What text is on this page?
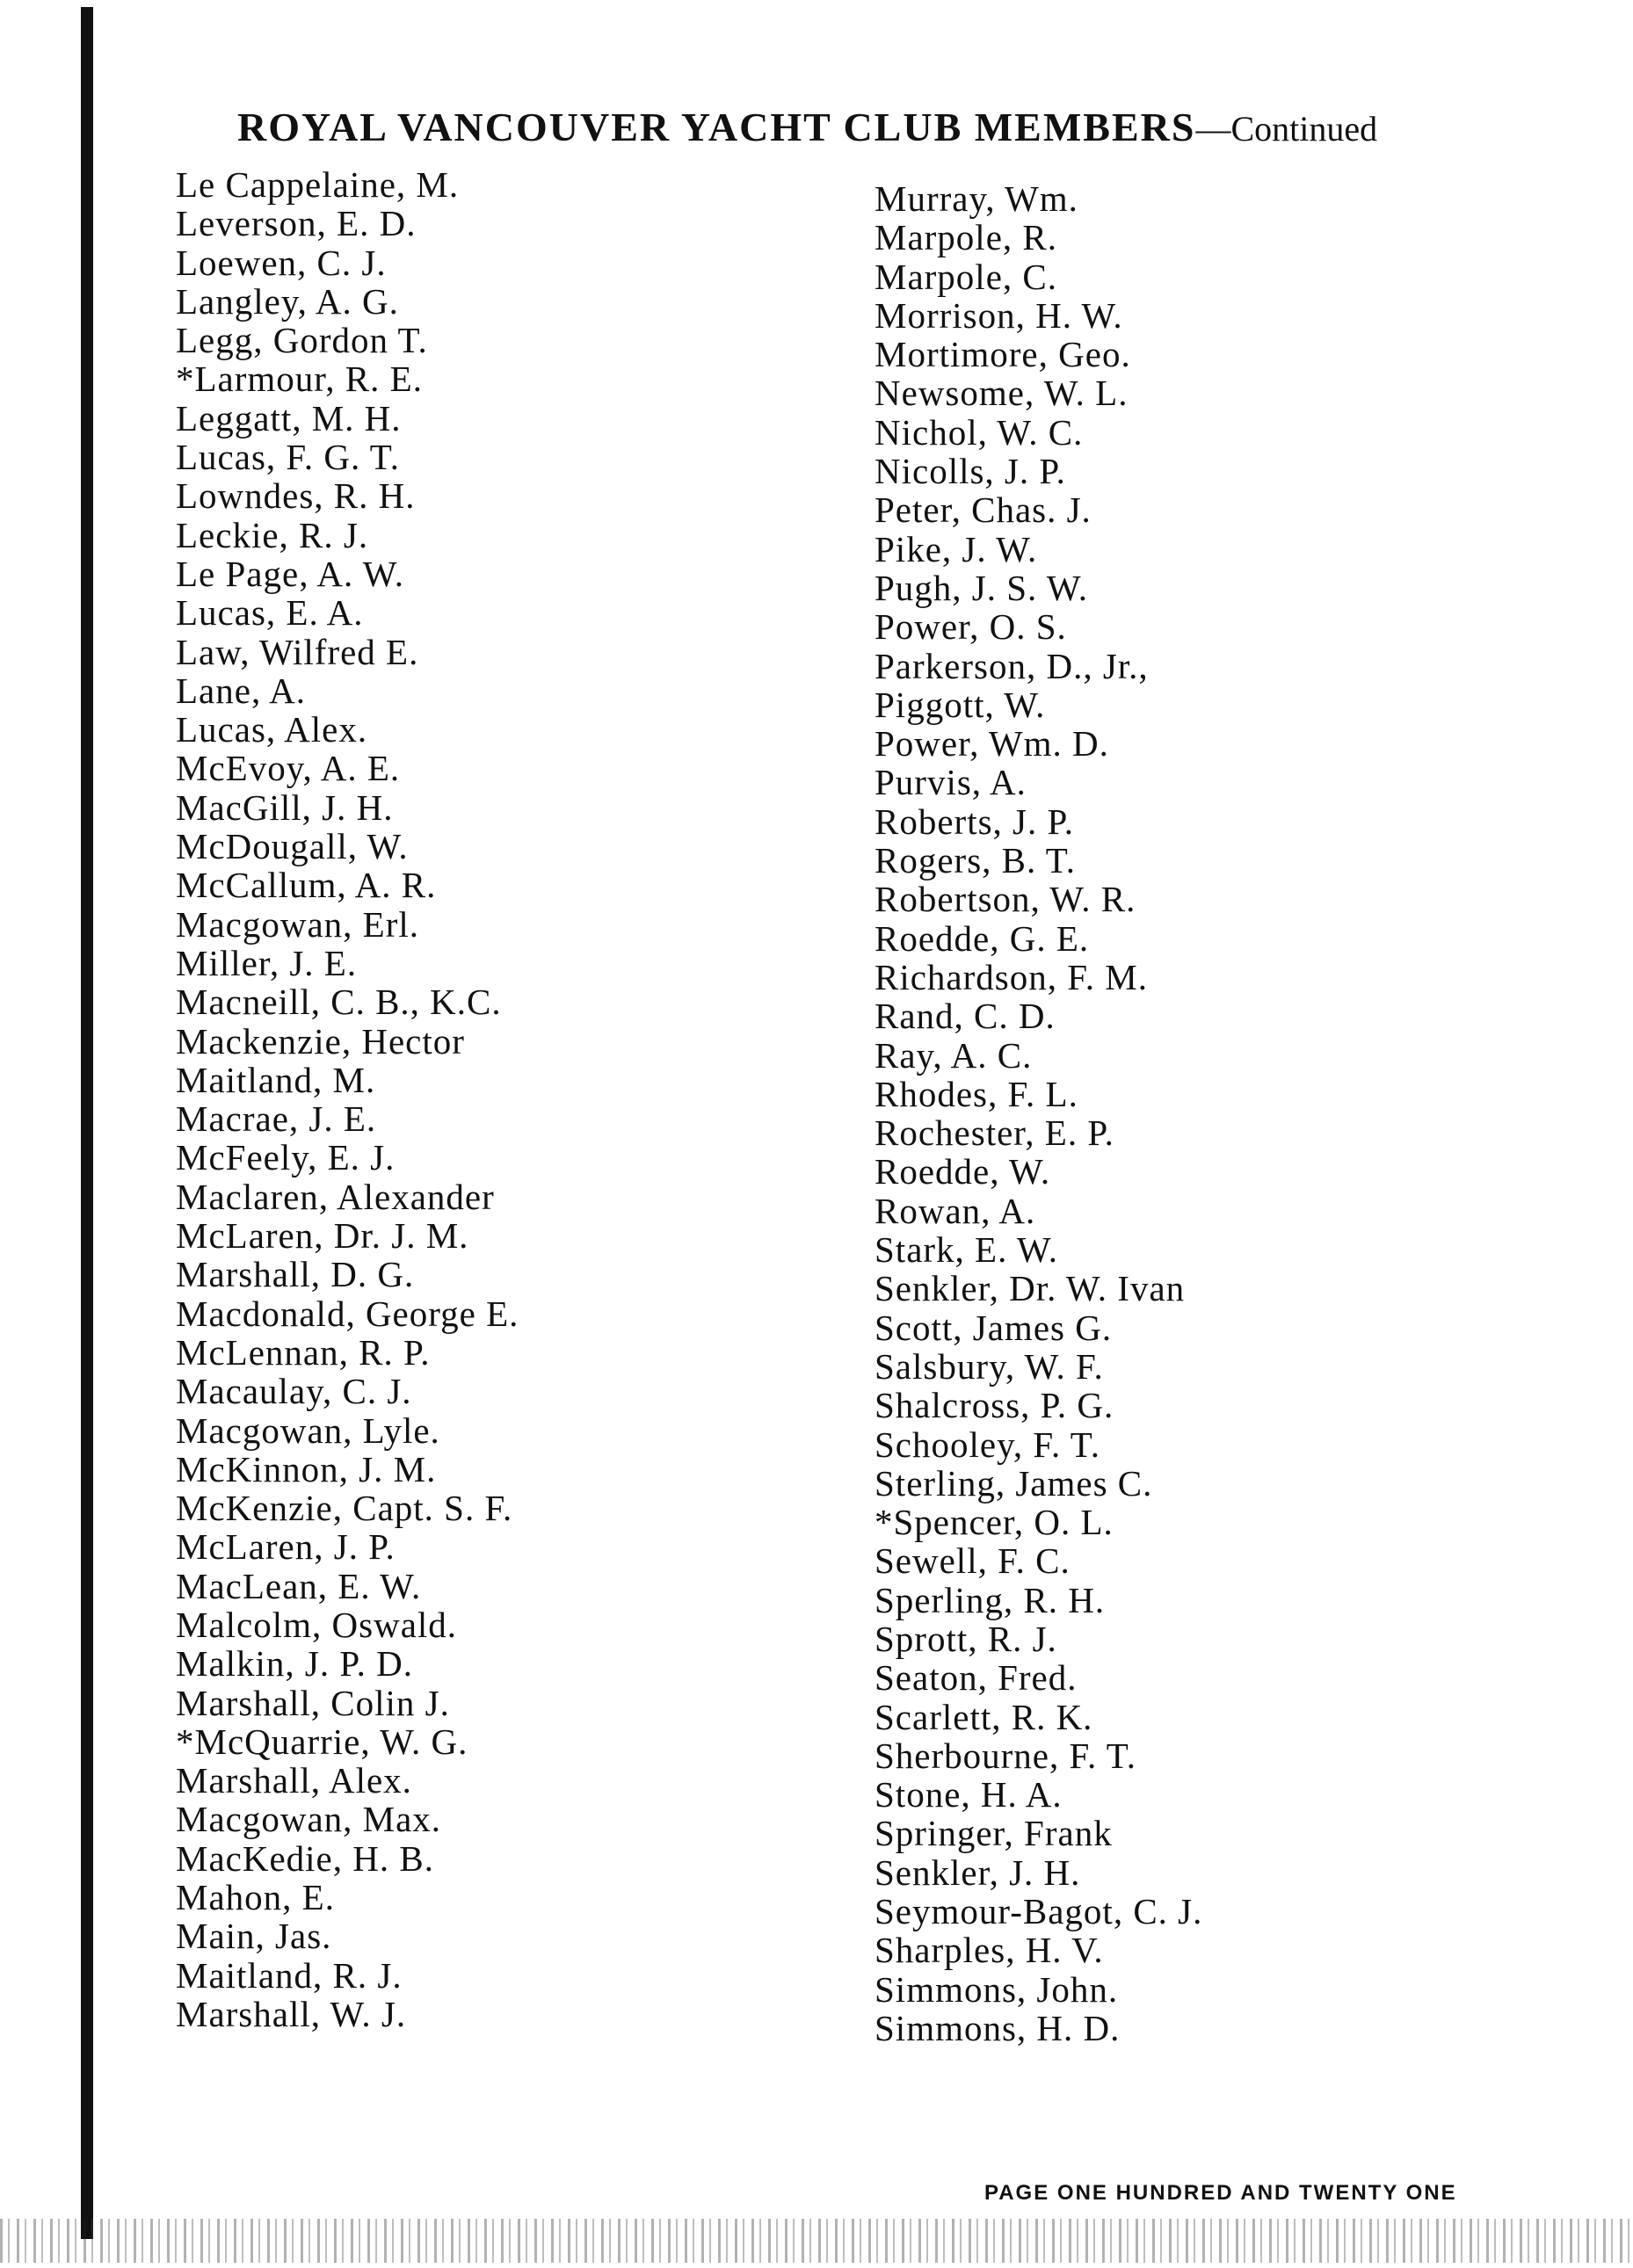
ROYAL VANCOUVER YACHT CLUB MEMBERS—Continued
Le Cappelaine, M.
Leverson, E. D.
Loewen, C. J.
Langley, A. G.
Legg, Gordon T.
*Larmour, R. E.
Leggatt, M. H.
Lucas, F. G. T.
Lowndes, R. H.
Leckie, R. J.
Le Page, A. W.
Lucas, E. A.
Law, Wilfred E.
Lane, A.
Lucas, Alex.
McEvoy, A. E.
MacGill, J. H.
McDougall, W.
McCallum, A. R.
Macgowan, Erl.
Miller, J. E.
Macneill, C. B., K.C.
Mackenzie, Hector
Maitland, M.
Macrae, J. E.
McFeely, E. J.
Maclaren, Alexander
McLaren, Dr. J. M.
Marshall, D. G.
Macdonald, George E.
McLennan, R. P.
Macaulay, C. J.
Macgowan, Lyle.
McKinnon, J. M.
McKenzie, Capt. S. F.
McLaren, J. P.
MacLean, E. W.
Malcolm, Oswald.
Malkin, J. P. D.
Marshall, Colin J.
*McQuarrie, W. G.
Marshall, Alex.
Macgowan, Max.
MacKedie, H. B.
Mahon, E.
Main, Jas.
Maitland, R. J.
Marshall, W. J.
Murray, Wm.
Marpole, R.
Marpole, C.
Morrison, H. W.
Mortimore, Geo.
Newsome, W. L.
Nichol, W. C.
Nicolls, J. P.
Peter, Chas. J.
Pike, J. W.
Pugh, J. S. W.
Power, O. S.
Parkerson, D., Jr.,
Piggott, W.
Power, Wm. D.
Purvis, A.
Roberts, J. P.
Rogers, B. T.
Robertson, W. R.
Roedde, G. E.
Richardson, F. M.
Rand, C. D.
Ray, A. C.
Rhodes, F. L.
Rochester, E. P.
Roedde, W.
Rowan, A.
Stark, E. W.
Senkler, Dr. W. Ivan
Scott, James G.
Salsbury, W. F.
Shalcross, P. G.
Schooley, F. T.
Sterling, James C.
*Spencer, O. L.
Sewell, F. C.
Sperling, R. H.
Sprott, R. J.
Seaton, Fred.
Scarlett, R. K.
Sherbourne, F. T.
Stone, H. A.
Springer, Frank
Senkler, J. H.
Seymour-Bagot, C. J.
Sharples, H. V.
Simmons, John.
Simmons, H. D.
PAGE ONE HUNDRED AND TWENTY ONE
